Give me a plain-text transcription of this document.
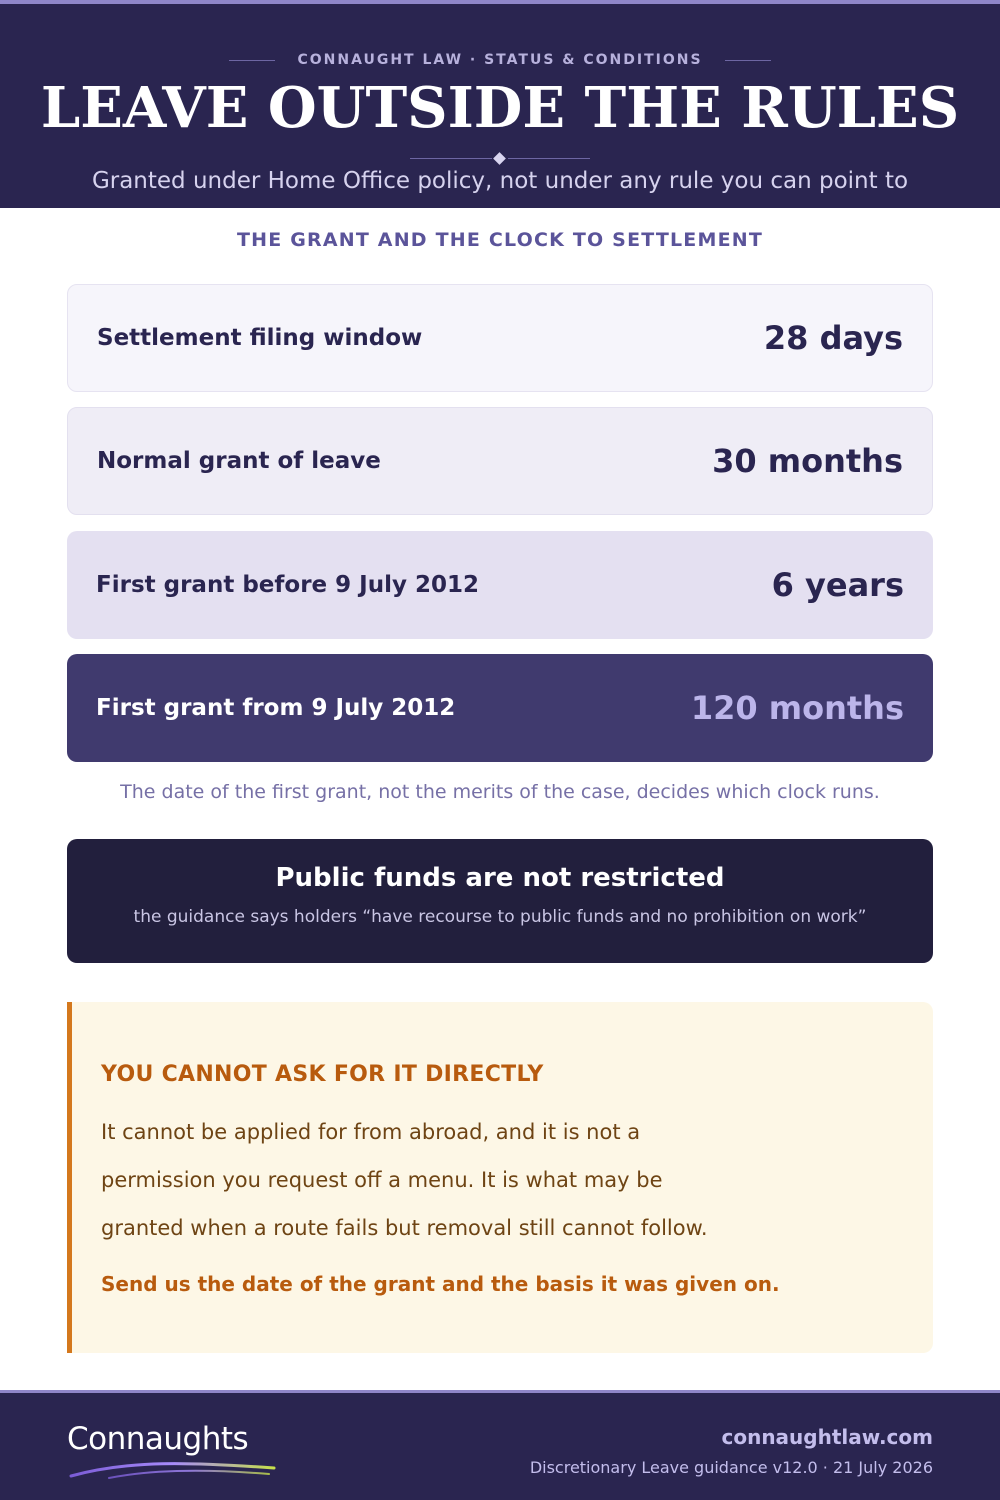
CONNAUGHT LAW · STATUS & CONDITIONS
LEAVE OUTSIDE THE RULES
Granted under Home Office policy, not under any rule you can point to
THE GRANT AND THE CLOCK TO SETTLEMENT
Settlement filing window	28 days
Normal grant of leave	30 months
First grant before 9 July 2012	6 years
First grant from 9 July 2012	120 months

The date of the first grant, not the merits of the case, decides which clock runs.

Public funds are not restricted
the guidance says holders “have recourse to public funds and no prohibition on work”
YOU CANNOT ASK FOR IT DIRECTLY

It cannot be applied for from abroad, and it is not a permission you request off a menu. It is what may be granted when a route fails but removal still cannot follow.

Send us the date of the grant and the basis it was given on.
Connaughts	connaughtlaw.com
Discretionary Leave guidance v12.0 · 21 July 2026
